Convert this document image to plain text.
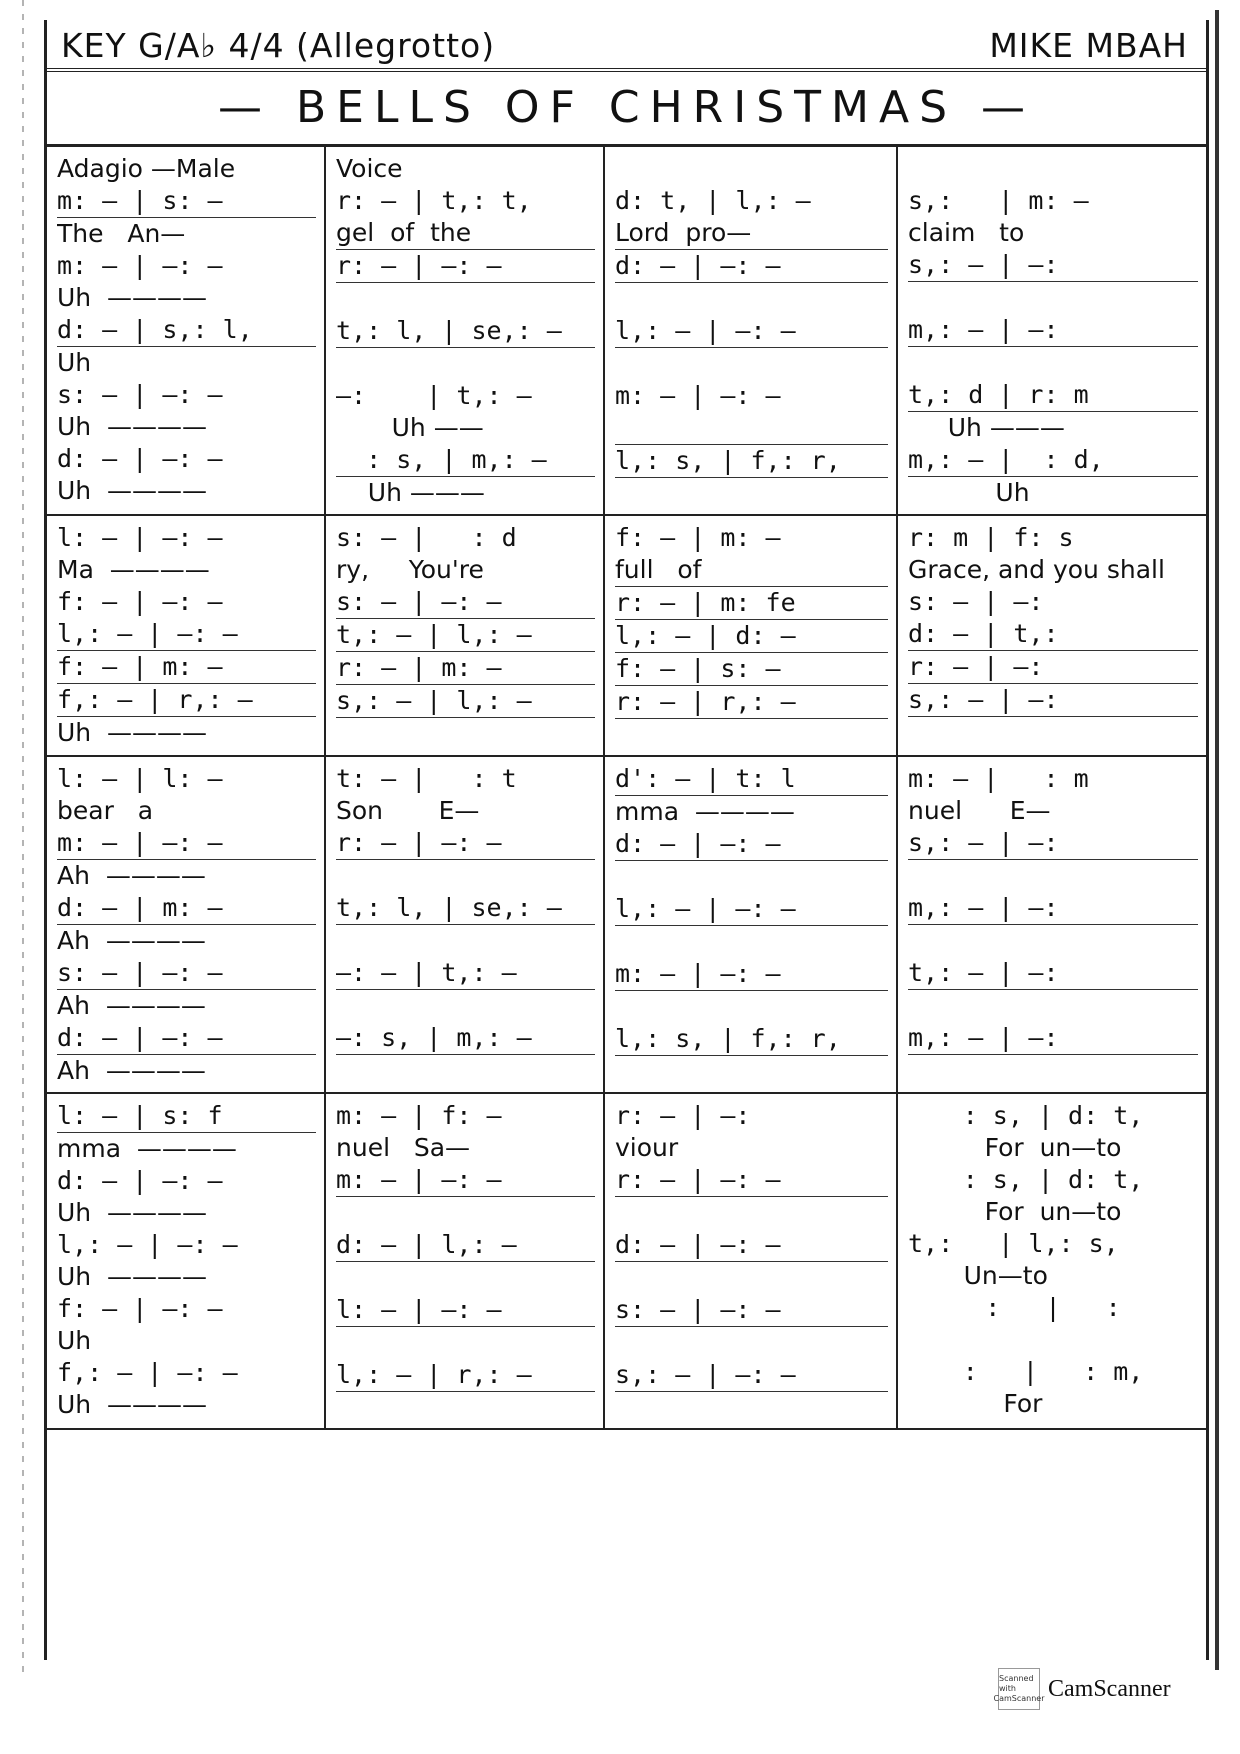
KEY G/A♭ 4/4 (Allegrotto)	MIKE MBAH
— BELLS OF CHRISTMAS —
Adagio —Male
m: — | s: —
The   An—
m: — | —: —
Uh  ————
d: — | s,: l,
Uh
s: — | —: —
Uh  ————
d: — | —: —
Uh  ————
Voice
r: — | t,: t,
gel  of  the
r: — | —: —
t,: l, | se,: —
—:    | t,: —
Uh ——
: s, | m,: —
Uh ———
d: t, | l,: —
Lord  pro—
d: — | —: —
l,: — | —: —
m: — | —: —
l,: s, | f,: r,
s,:   | m: —
claim   to
s,: — | —:
m,: — | —:
t,: d | r: m
Uh ———
m,: — |  : d,
Uh
l: — | —: —
Ma  ————
f: — | —: —
l,: — | —: —
f: — | m: —
f,: — | r,: —
Uh  ————
s: — |   : d
ry,     You're
s: — | —: —
t,: — | l,: —
r: — | m: —
s,: — | l,: —
f: — | m: —
full   of
r: — | m: fe
l,: — | d: —
f: — | s: —
r: — | r,: —
r: m | f: s
Grace, and you shall
s: — | —:
d: — | t,:
r: — | —:
s,: — | —:
l: — | l: —
bear   a
m: — | —: —
Ah  ————
d: — | m: —
Ah  ————
s: — | —: —
Ah  ————
d: — | —: —
Ah  ————
t: — |   : t
Son       E—
r: — | —: —
t,: l, | se,: —
—: — | t,: —
—: s, | m,: —
d': — | t: l
mma  ————
d: — | —: —
l,: — | —: —
m: — | —: —
l,: s, | f,: r,
m: — |   : m
nuel      E—
s,: — | —:
m,: — | —:
t,: — | —:
m,: — | —:
l: — | s: f
mma  ————
d: — | —: —
Uh  ————
l,: — | —: —
Uh  ————
f: — | —: —
Uh
f,: — | —: —
Uh  ————
m: — | f: —
nuel   Sa—
m: — | —: —
d: — | l,: —
l: — | —: —
l,: — | r,: —
r: — | —:
viour
r: — | —: —
d: — | —: —
s: — | —: —
s,: — | —: —
: s, | d: t,
For  un—to
: s, | d: t,
For  un—to
t,:   | l,: s,
Un—to
:   |   :
:   |   : m,
For
Scanned with
CamScanner CamScanner
